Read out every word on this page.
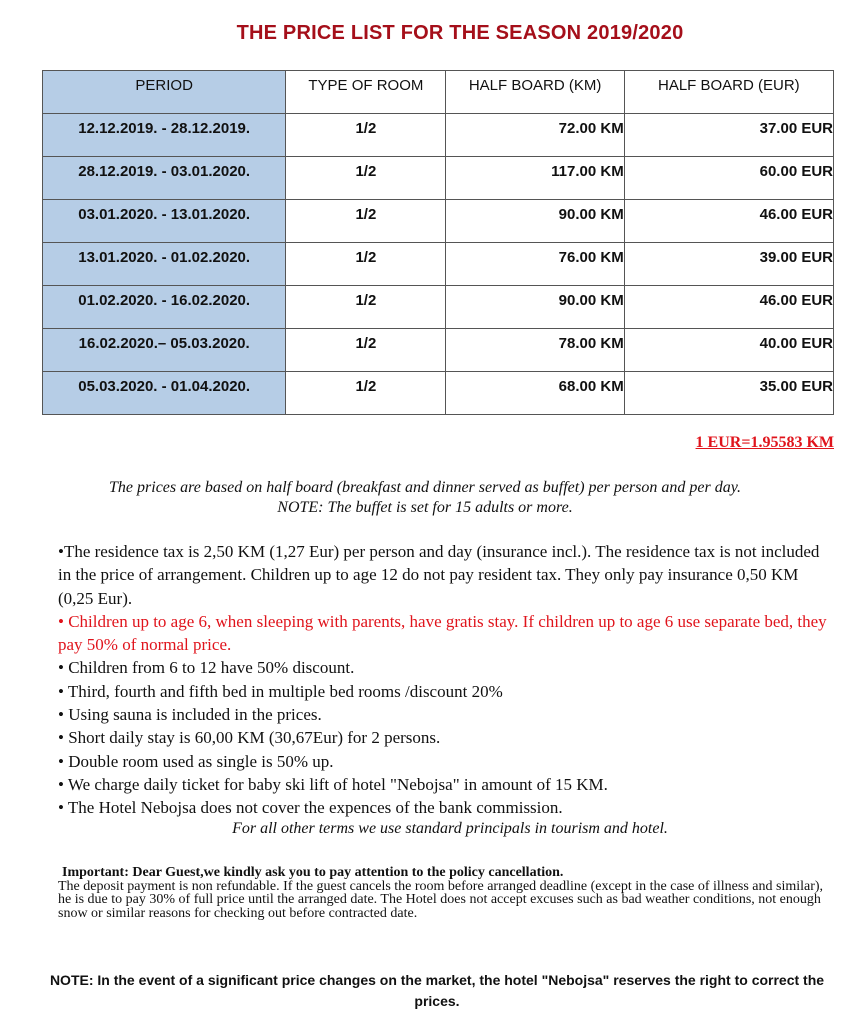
THE PRICE LIST FOR THE SEASON 2019/2020
PERIOD	TYPE OF ROOM	HALF BOARD (KM)	HALF BOARD (EUR)
12.12.2019. - 28.12.2019.	1/2	72.00 KM	37.00 EUR
28.12.2019. - 03.01.2020.	1/2	117.00 KM	60.00 EUR
03.01.2020. - 13.01.2020.	1/2	90.00 KM	46.00 EUR
13.01.2020. - 01.02.2020.	1/2	76.00 KM	39.00 EUR
01.02.2020. - 16.02.2020.	1/2	90.00 KM	46.00 EUR
16.02.2020.– 05.03.2020.	1/2	78.00 KM	40.00 EUR
05.03.2020. - 01.04.2020.	1/2	68.00 KM	35.00 EUR
1 EUR=1.95583 KM
The prices are based on half board (breakfast and dinner served as buffet) per person and per day.
NOTE: The buffet is set for 15 adults or more.

•The residence tax is 2,50 KM (1,27 Eur) per person and day (insurance incl.). The residence tax is not included in the price of arrangement. Children up to age 12 do not pay resident tax. They only pay insurance 0,50 KM (0,25 Eur).

• Children up to age 6, when sleeping with parents, have gratis stay. If children up to age 6 use separate bed, they pay 50% of normal price.

• Children from 6 to 12 have 50% discount.

• Third, fourth and fifth bed in multiple bed rooms /discount 20%

• Using sauna is included in the prices.

• Short daily stay is 60,00 KM (30,67Eur) for 2 persons.

• Double room used as single is 50% up.

• We charge daily ticket for baby ski lift of hotel "Nebojsa" in amount of 15 KM.

• The Hotel Nebojsa does not cover the expences of the bank commission.

For all other terms we use standard principals in tourism and hotel.
Important: Dear Guest,we kindly ask you to pay attention to the policy cancellation.
The deposit payment is non refundable. If the guest cancels the room before arranged deadline (except in the case of illness and similar), he is due to pay 30% of full price until the arranged date. The Hotel does not accept excuses such as bad weather conditions, not enough snow or similar reasons for checking out before contracted date.
NOTE: In the event of a significant price changes on the market, the hotel "Nebojsa" reserves the right to correct the prices.
